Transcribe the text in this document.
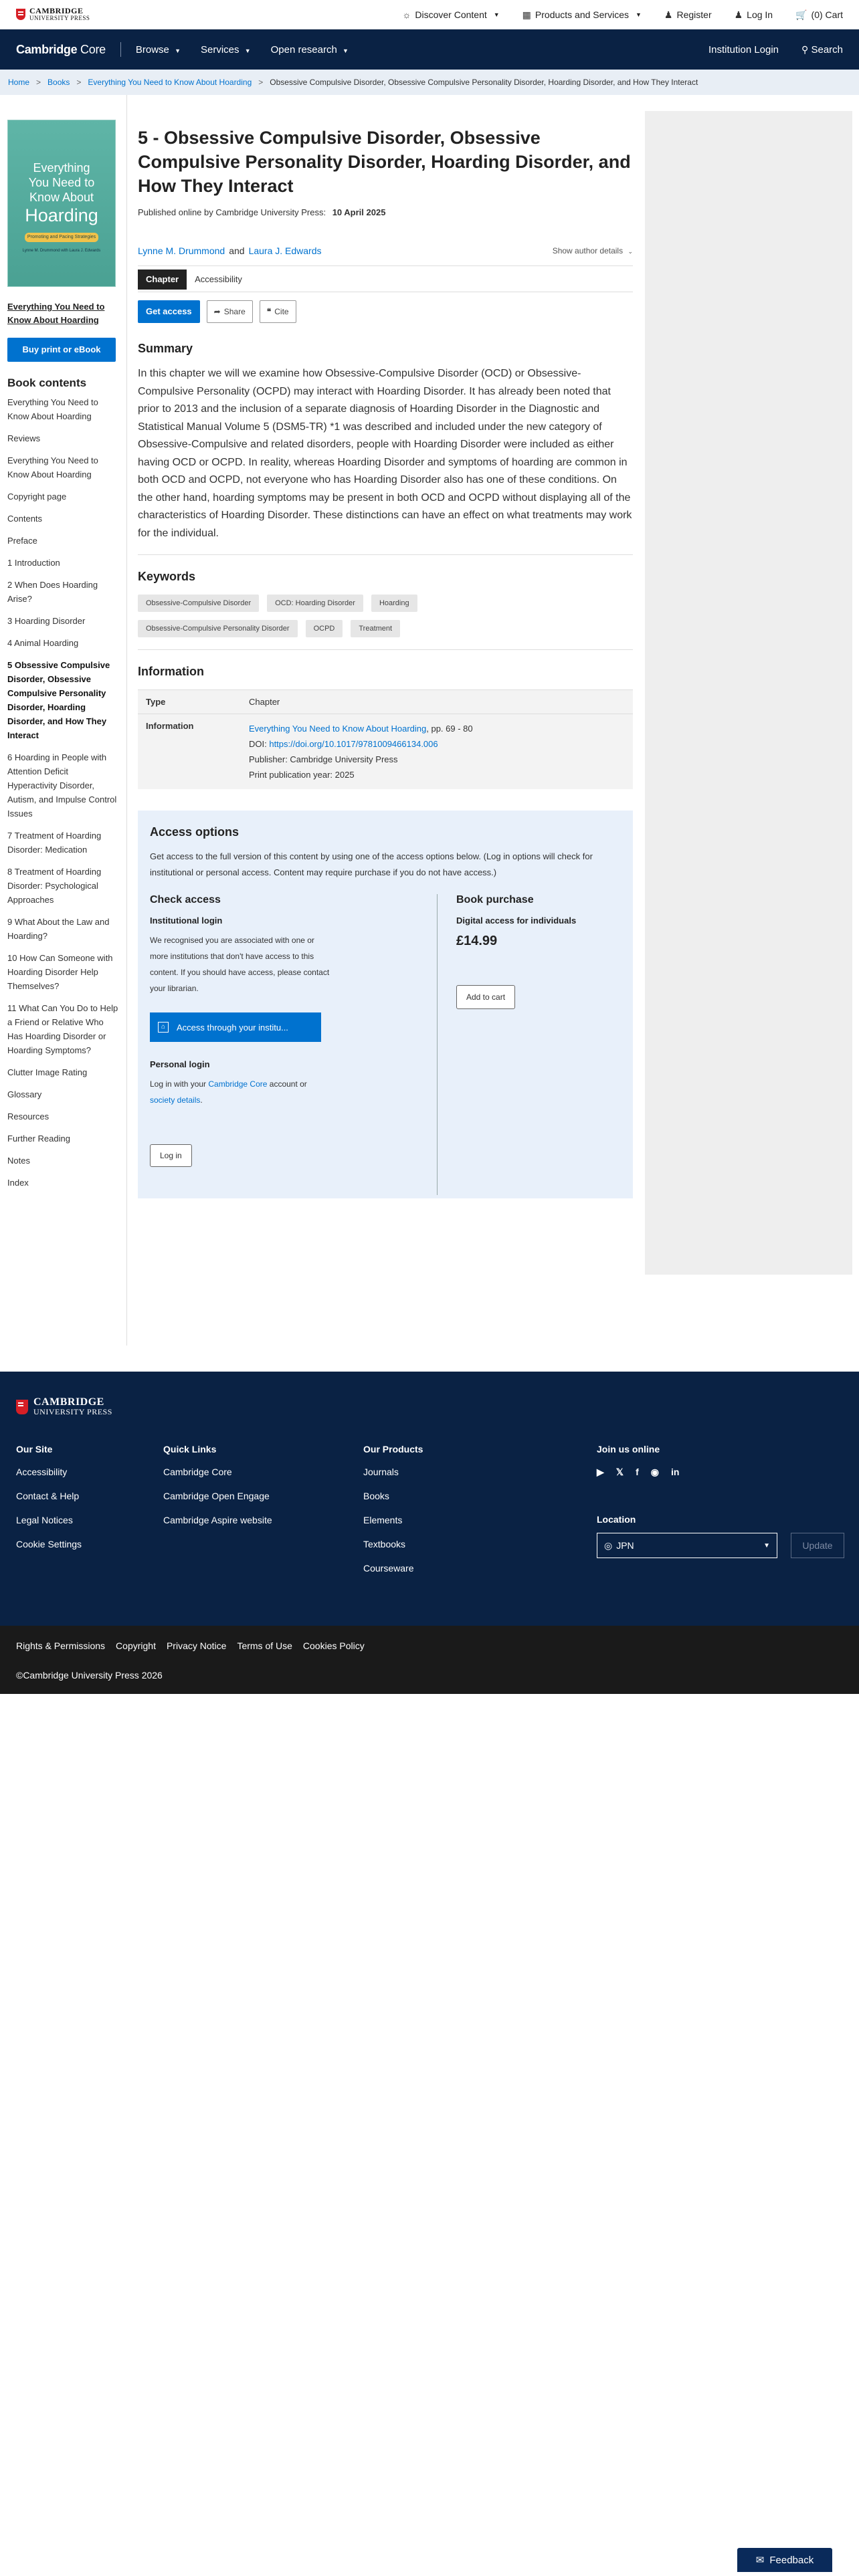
CAMBRIDGE
UNIVERSITY PRESS	☼ Discover Content ▼ ▦ Products and Services ▼ ♟ Register ♟ Log In 🛒 (0) Cart
Cambridge Core	Browse ▼ Services ▼ Open research ▼	Institution Login ⚲ Search
Home > Books > Everything You Need to Know About Hoarding > Obsessive Compulsive Disorder, Obsessive Compulsive Personality Disorder, Hoarding Disorder, and How They Interact
Everything
You Need to
Know About
Hoarding
Promoting and Pacing Strategies
Lynne M. Drummond with Laura J. Edwards
Everything You Need to Know About Hoarding
Buy print or eBook
Book contents
Everything You Need to Know About Hoarding
Reviews
Everything You Need to Know About Hoarding
Copyright page
Contents
Preface
1 Introduction
2 When Does Hoarding Arise?
3 Hoarding Disorder
4 Animal Hoarding
5 Obsessive Compulsive Disorder, Obsessive Compulsive Personality Disorder, Hoarding Disorder, and How They Interact
6 Hoarding in People with Attention Deficit Hyperactivity Disorder, Autism, and Impulse Control Issues
7 Treatment of Hoarding Disorder: Medication
8 Treatment of Hoarding Disorder: Psychological Approaches
9 What About the Law and Hoarding?
10 How Can Someone with Hoarding Disorder Help Themselves?
11 What Can You Do to Help a Friend or Relative Who Has Hoarding Disorder or Hoarding Symptoms?
Clutter Image Rating
Glossary
Resources
Further Reading
Notes
Index
5 - Obsessive Compulsive Disorder, Obsessive Compulsive Personality Disorder, Hoarding Disorder, and How They Interact
Published online by Cambridge University Press: 10 April 2025
Lynne M. Drummond and Laura J. Edwards	Show author details ⌄
Chapter	Accessibility
Get access	➦ Share	❝ Cite
Summary

In this chapter we will we examine how Obsessive-Compulsive Disorder (OCD) or Obsessive-Compulsive Personality (OCPD) may interact with Hoarding Disorder. It has already been noted that prior to 2013 and the inclusion of a separate diagnosis of Hoarding Disorder in the Diagnostic and Statistical Manual Volume 5 (DSM5-TR) *1 was described and included under the new category of Obsessive-Compulsive and related disorders, people with Hoarding Disorder were included as either having OCD or OCPD. In reality, whereas Hoarding Disorder and symptoms of hoarding are common in both OCD and OCPD, not everyone who has Hoarding Disorder also has one of these conditions. On the other hand, hoarding symptoms may be present in both OCD and OCPD without displaying all of the characteristics of Hoarding Disorder. These distinctions can have an effect on what treatments may work for the individual.

Keywords
Obsessive-Compulsive Disorder	OCD: Hoarding Disorder	Hoarding
Obsessive-Compulsive Personality Disorder	OCPD	Treatment
Information
Type	Chapter
Information	Everything You Need to Know About Hoarding, pp. 69 - 80
DOI: https://doi.org/10.1017/9781009466134.006
Publisher: Cambridge University Press
Print publication year: 2025
Access options

Get access to the full version of this content by using one of the access options below. (Log in options will check for institutional or personal access. Content may require purchase if you do not have access.)

Check access
Institutional login

We recognised you are associated with one or more institutions that don't have access to this content. If you should have access, please contact your librarian.

⌂	Access through your institu...
Personal login

Log in with your Cambridge Core account or
society details.

Log in
Book purchase
Digital access for individuals
£14.99
Add to cart
CAMBRIDGE
UNIVERSITY PRESS
Our Site
Accessibility
Contact & Help
Legal Notices
Cookie Settings
Quick Links
Cambridge Core
Cambridge Open Engage
Cambridge Aspire website
Our Products
Journals
Books
Elements
Textbooks
Courseware
Join us online
▶ 𝕏 f ◉ in
Location
◎ JPN	▼	Update
Rights & Permissions Copyright Privacy Notice Terms of Use Cookies Policy
©Cambridge University Press 2026
✉ Feedback
